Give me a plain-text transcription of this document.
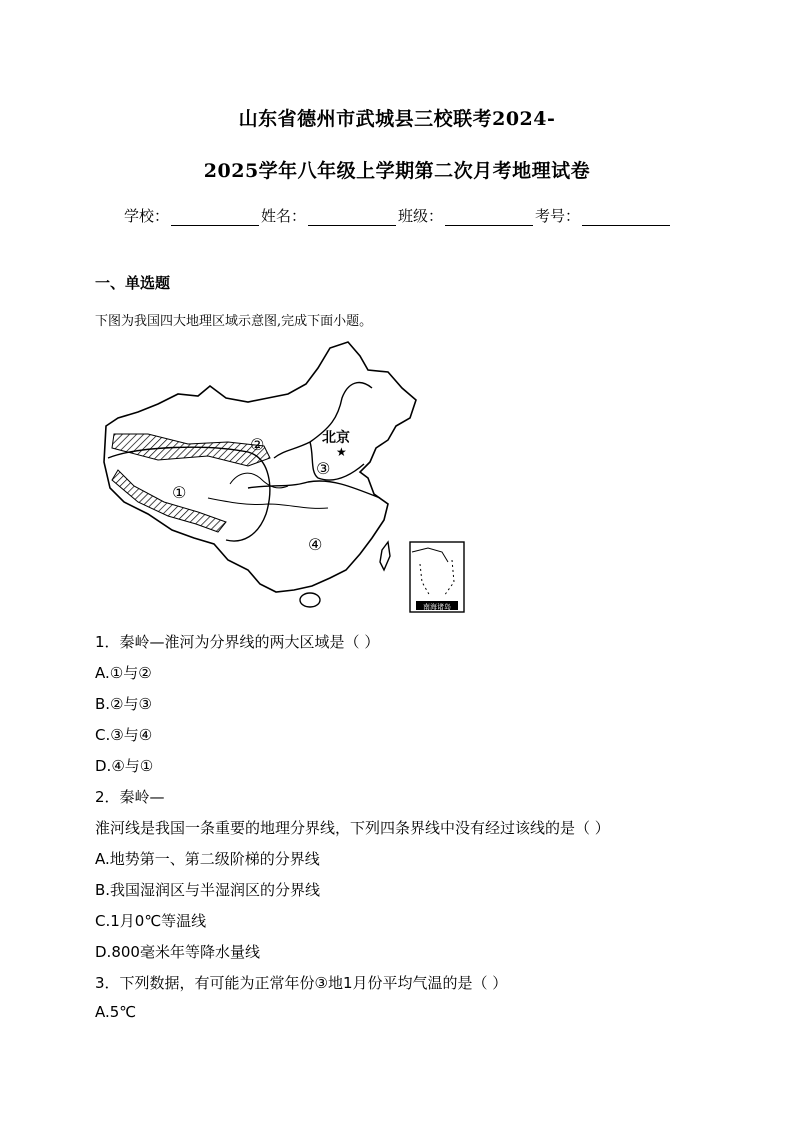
山东省德州市武城县三校联考2024-
2025学年八年级上学期第二次月考地理试卷
学校：	姓名：	班级：	考号：
一、单选题
下图为我国四大地理区域示意图,完成下面小题。
北京
★
①
②
③
④
南海诸岛
1．秦岭—淮河为分界线的两大区域是（ ）
A.①与②
B.②与③
C.③与④
D.④与①
2．秦岭—
淮河线是我国一条重要的地理分界线，下列四条界线中没有经过该线的是（ ）
A.地势第一、第二级阶梯的分界线
B.我国湿润区与半湿润区的分界线
C.1月0℃等温线
D.800毫米年等降水量线
3．下列数据，有可能为正常年份③地1月份平均气温的是（ ）
A.5℃
